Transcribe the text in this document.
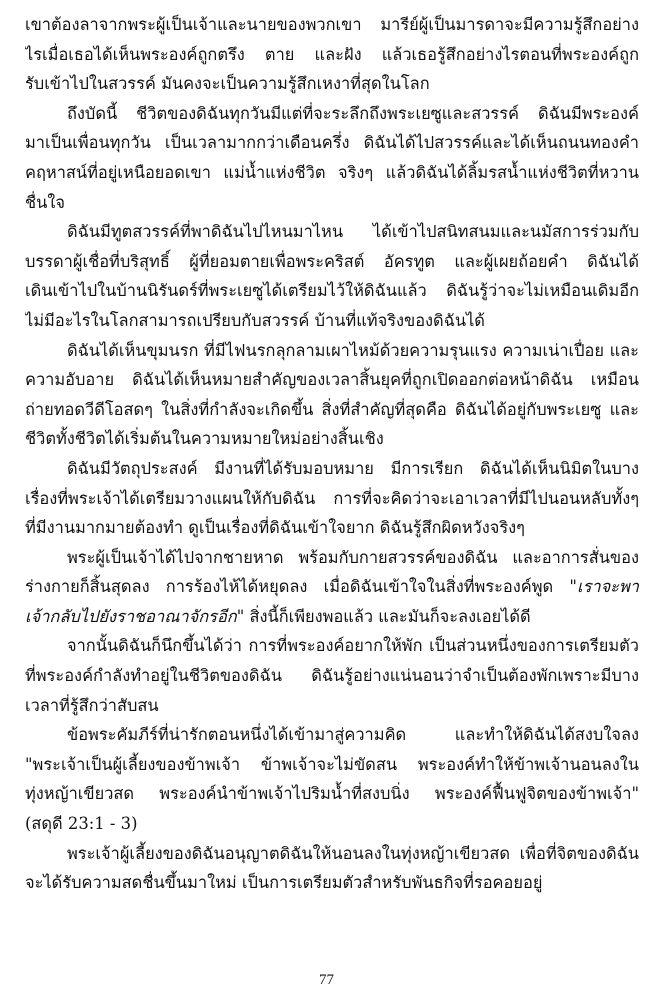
เขาต้องลาจากพระผู้เป็นเจ้าและนายของพวกเขา มารีย์ผู้เป็นมารดาจะมีความรู้สึกอย่าง
ไรเมื่อเธอได้เห็นพระองค์ถูกตรึง ตาย และฝัง แล้วเธอรู้สึกอย่างไรตอนที่พระองค์ถูก
รับเข้าไปในสวรรค์ มันคงจะเป็นความรู้สึกเหงาที่สุดในโลก

ถึงบัดนี้ ชีวิตของดิฉันทุกวันมีแต่ที่จะระลึกถึงพระเยซูและสวรรค์ ดิฉันมีพระองค์
มาเป็นเพื่อนทุกวัน เป็นเวลามากกว่าเดือนครึ่ง ดิฉันได้ไปสวรรค์และได้เห็นถนนทองคำ
คฤหาสน์ที่อยู่เหนือยอดเขา แม่น้ำแห่งชีวิต จริงๆ แล้วดิฉันได้ลิ้มรสน้ำแห่งชีวิตที่หวาน
ชื่นใจ

ดิฉันมีทูตสวรรค์ที่พาดิฉันไปไหนมาไหน ได้เข้าไปสนิทสนมและนมัสการร่วมกับ
บรรดาผู้เชื่อที่บริสุทธิ์ ผู้ที่ยอมตายเพื่อพระคริสต์ อัครทูต และผู้เผยถ้อยคำ ดิฉันได้
เดินเข้าไปในบ้านนิรันดร์ที่พระเยซูได้เตรียมไว้ให้ดิฉันแล้ว ดิฉันรู้ว่าจะไม่เหมือนเดิมอีก
ไม่มีอะไรในโลกสามารถเปรียบกับสวรรค์ บ้านที่แท้จริงของดิฉันได้

ดิฉันได้เห็นขุมนรก ที่มีไฟนรกลุกลามเผาไหม้ด้วยความรุนแรง ความเน่าเปื่อย และ
ความอับอาย ดิฉันได้เห็นหมายสำคัญของเวลาสิ้นยุคที่ถูกเปิดออกต่อหน้าดิฉัน เหมือน
ถ่ายทอดวีดีโอสดๆ ในสิ่งที่กำลังจะเกิดขึ้น สิ่งที่สำคัญที่สุดคือ ดิฉันได้อยู่กับพระเยซู และ
ชีวิตทั้งชีวิตได้เริ่มต้นในความหมายใหม่อย่างสิ้นเชิง

ดิฉันมีวัตถุประสงค์ มีงานที่ได้รับมอบหมาย มีการเรียก ดิฉันได้เห็นนิมิตในบาง
เรื่องที่พระเจ้าได้เตรียมวางแผนให้กับดิฉัน การที่จะคิดว่าจะเอาเวลาที่มีไปนอนหลับทั้งๆ
ที่มีงานมากมายต้องทำ ดูเป็นเรื่องที่ดิฉันเข้าใจยาก ดิฉันรู้สึกผิดหวังจริงๆ

พระผู้เป็นเจ้าได้ไปจากชายหาด พร้อมกับกายสวรรค์ของดิฉัน และอาการสั่นของ
ร่างกายก็สิ้นสุดลง การร้องไห้ได้หยุดลง เมื่อดิฉันเข้าใจในสิ่งที่พระองค์พูด "เราจะพา
เจ้ากลับไปยังราชอาณาจักรอีก" สิ่งนี้ก็เพียงพอแล้ว และมันก็จะลงเอยได้ดี

จากนั้นดิฉันก็นึกขึ้นได้ว่า การที่พระองค์อยากให้พัก เป็นส่วนหนึ่งของการเตรียมตัว
ที่พระองค์กำลังทำอยู่ในชีวิตของดิฉัน ดิฉันรู้อย่างแน่นอนว่าจำเป็นต้องพักเพราะมีบาง
เวลาที่รู้สึกว่าสับสน

ข้อพระคัมภีร์ที่น่ารักตอนหนึ่งได้เข้ามาสู่ความคิด และทำให้ดิฉันได้สงบใจลง
"พระเจ้าเป็นผู้เลี้ยงของข้าพเจ้า ข้าพเจ้าจะไม่ขัดสน พระองค์ทำให้ข้าพเจ้านอนลงใน
ทุ่งหญ้าเขียวสด พระองค์นำข้าพเจ้าไปริมน้ำที่สงบนิ่ง พระองค์ฟื้นฟูจิตของข้าพเจ้า"
(สดุดี 23:1 - 3)

พระเจ้าผู้เลี้ยงของดิฉันอนุญาตดิฉันให้นอนลงในทุ่งหญ้าเขียวสด เพื่อที่จิตของดิฉัน
จะได้รับความสดชื่นขึ้นมาใหม่ เป็นการเตรียมตัวสำหรับพันธกิจที่รอคอยอยู่

77
